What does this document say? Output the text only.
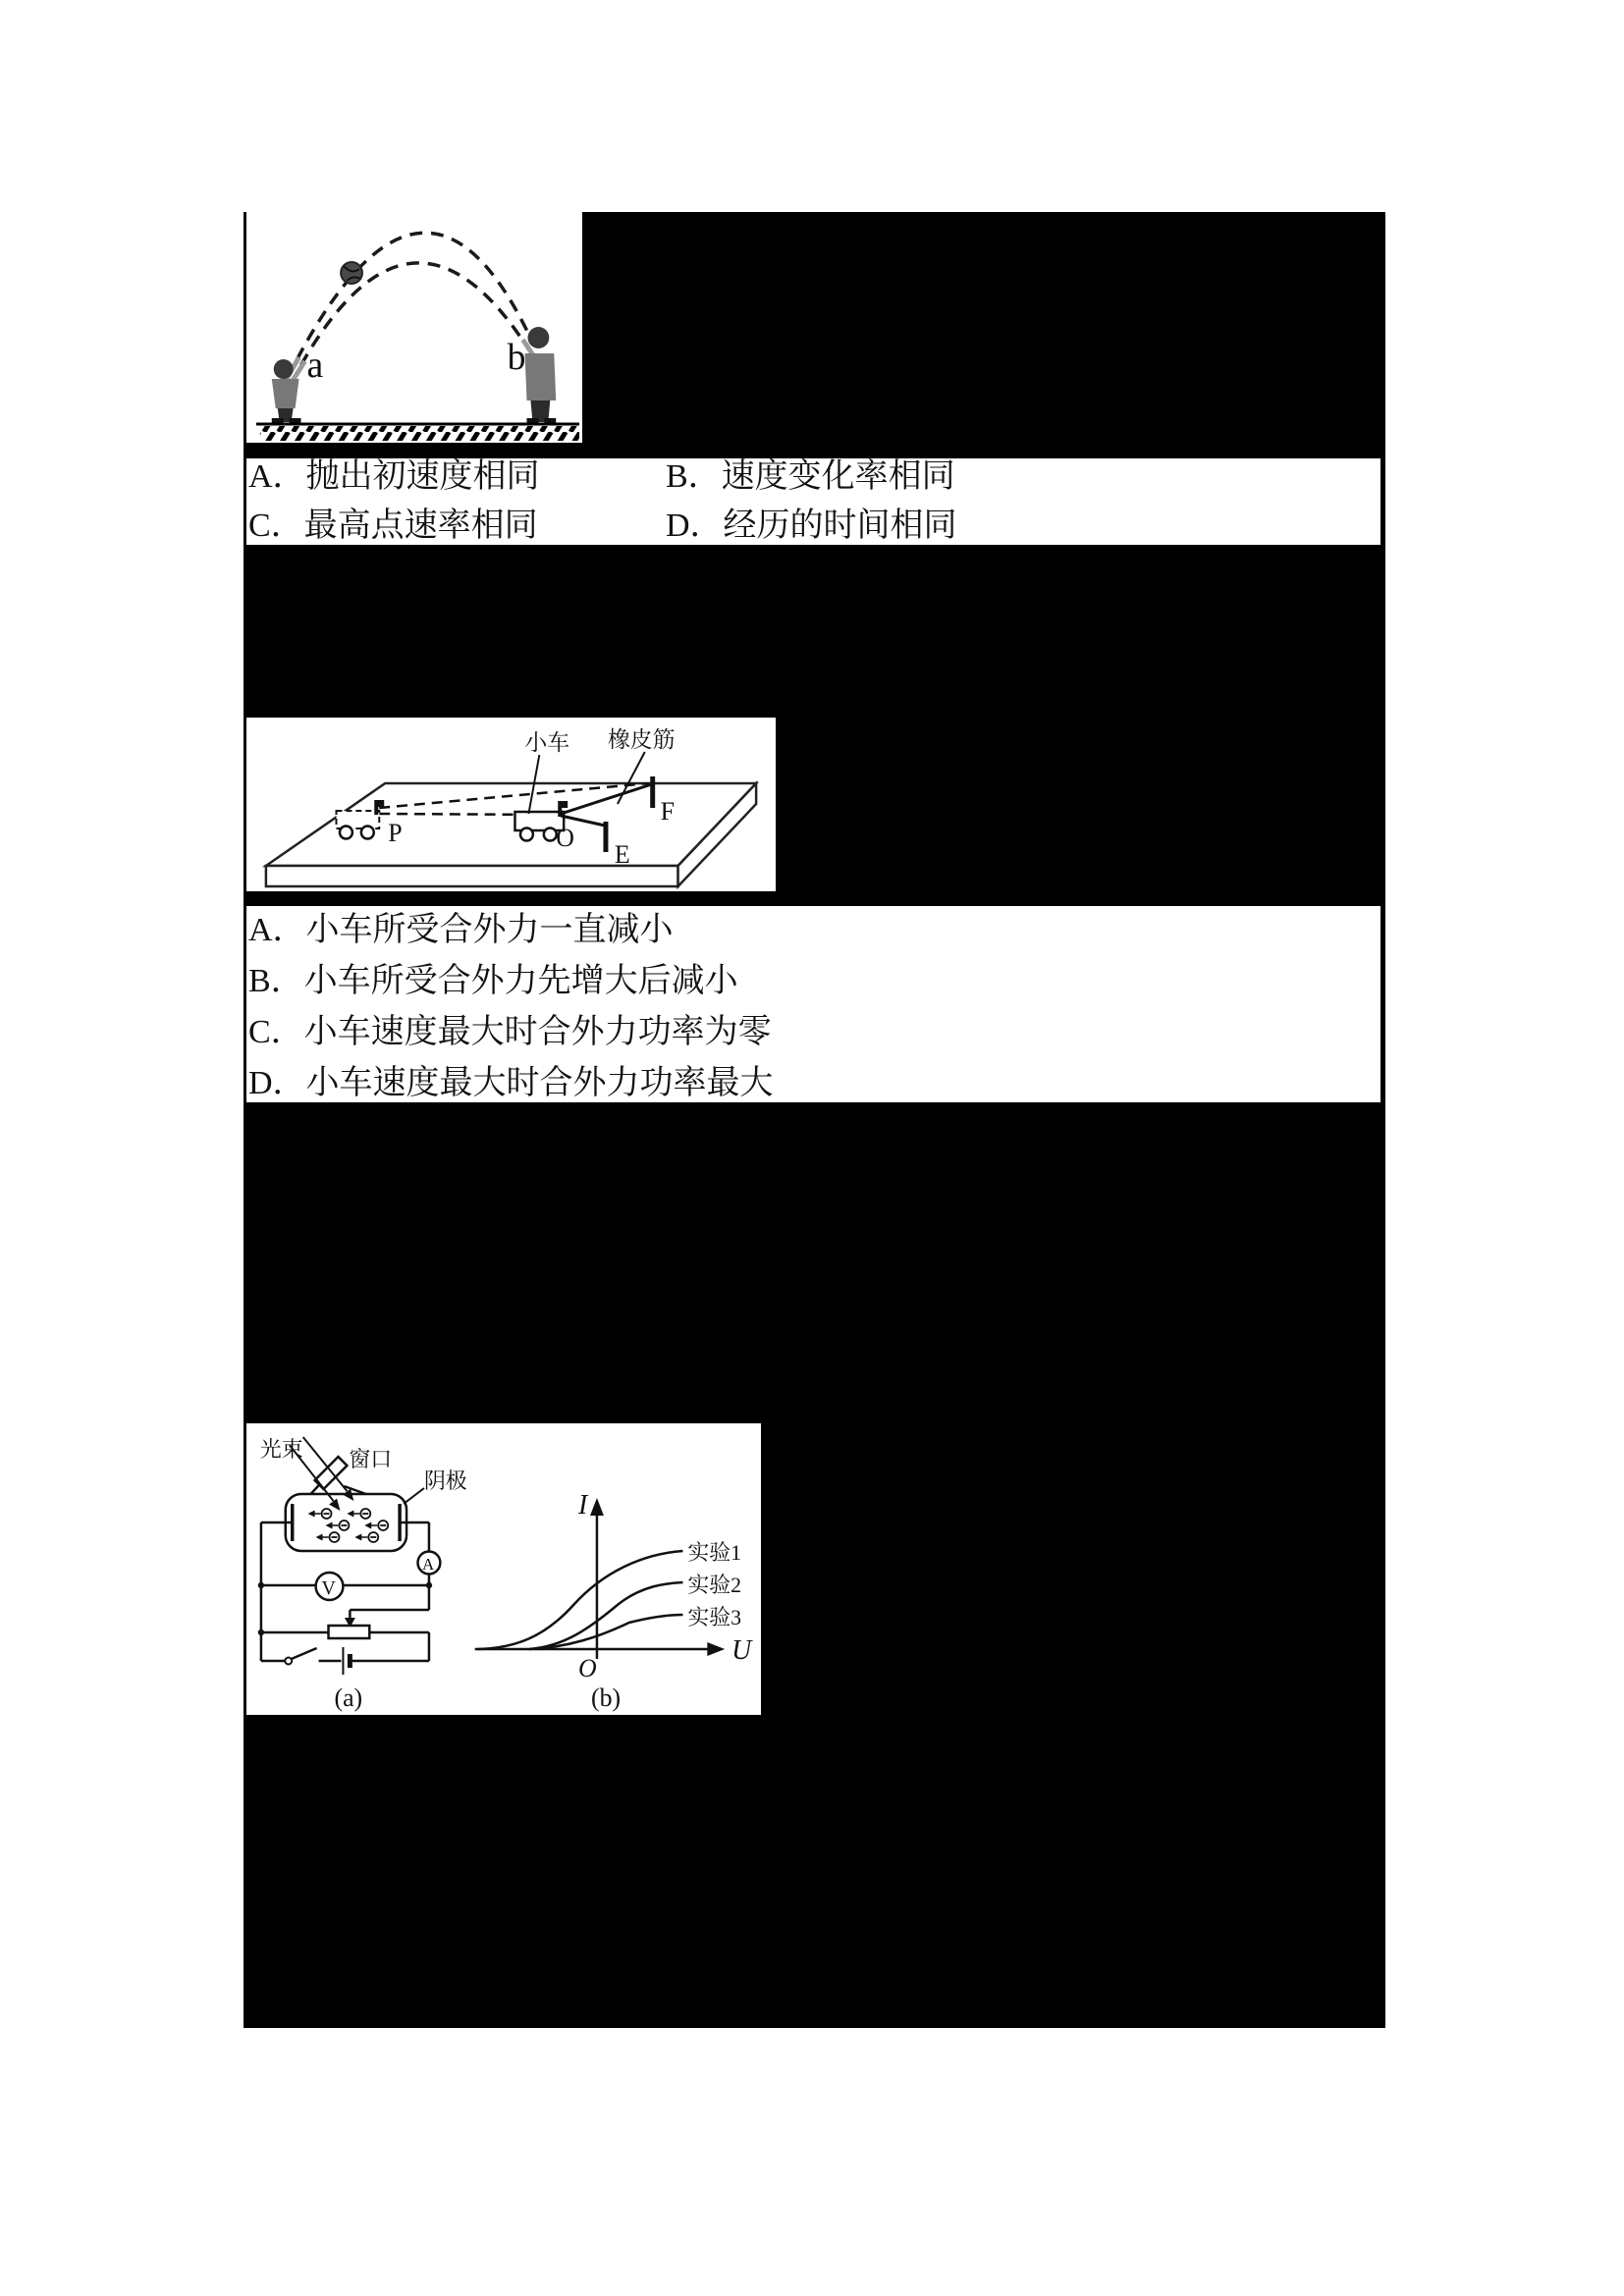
a	b
A．抛出初速度相同	B．速度变化率相同
C．最高点速率相同	D．经历的时间相同
小车 橡皮筋
P	O
E
F
A．小车所受合外力一直减小
B．小车所受合外力先增大后减小
C．小车速度最大时合外力功率为零
D．小车速度最大时合外力功率最大
A
V
光束 窗口
阴极
(a)
实验1
实验2
实验3
I
U
O
(b)
